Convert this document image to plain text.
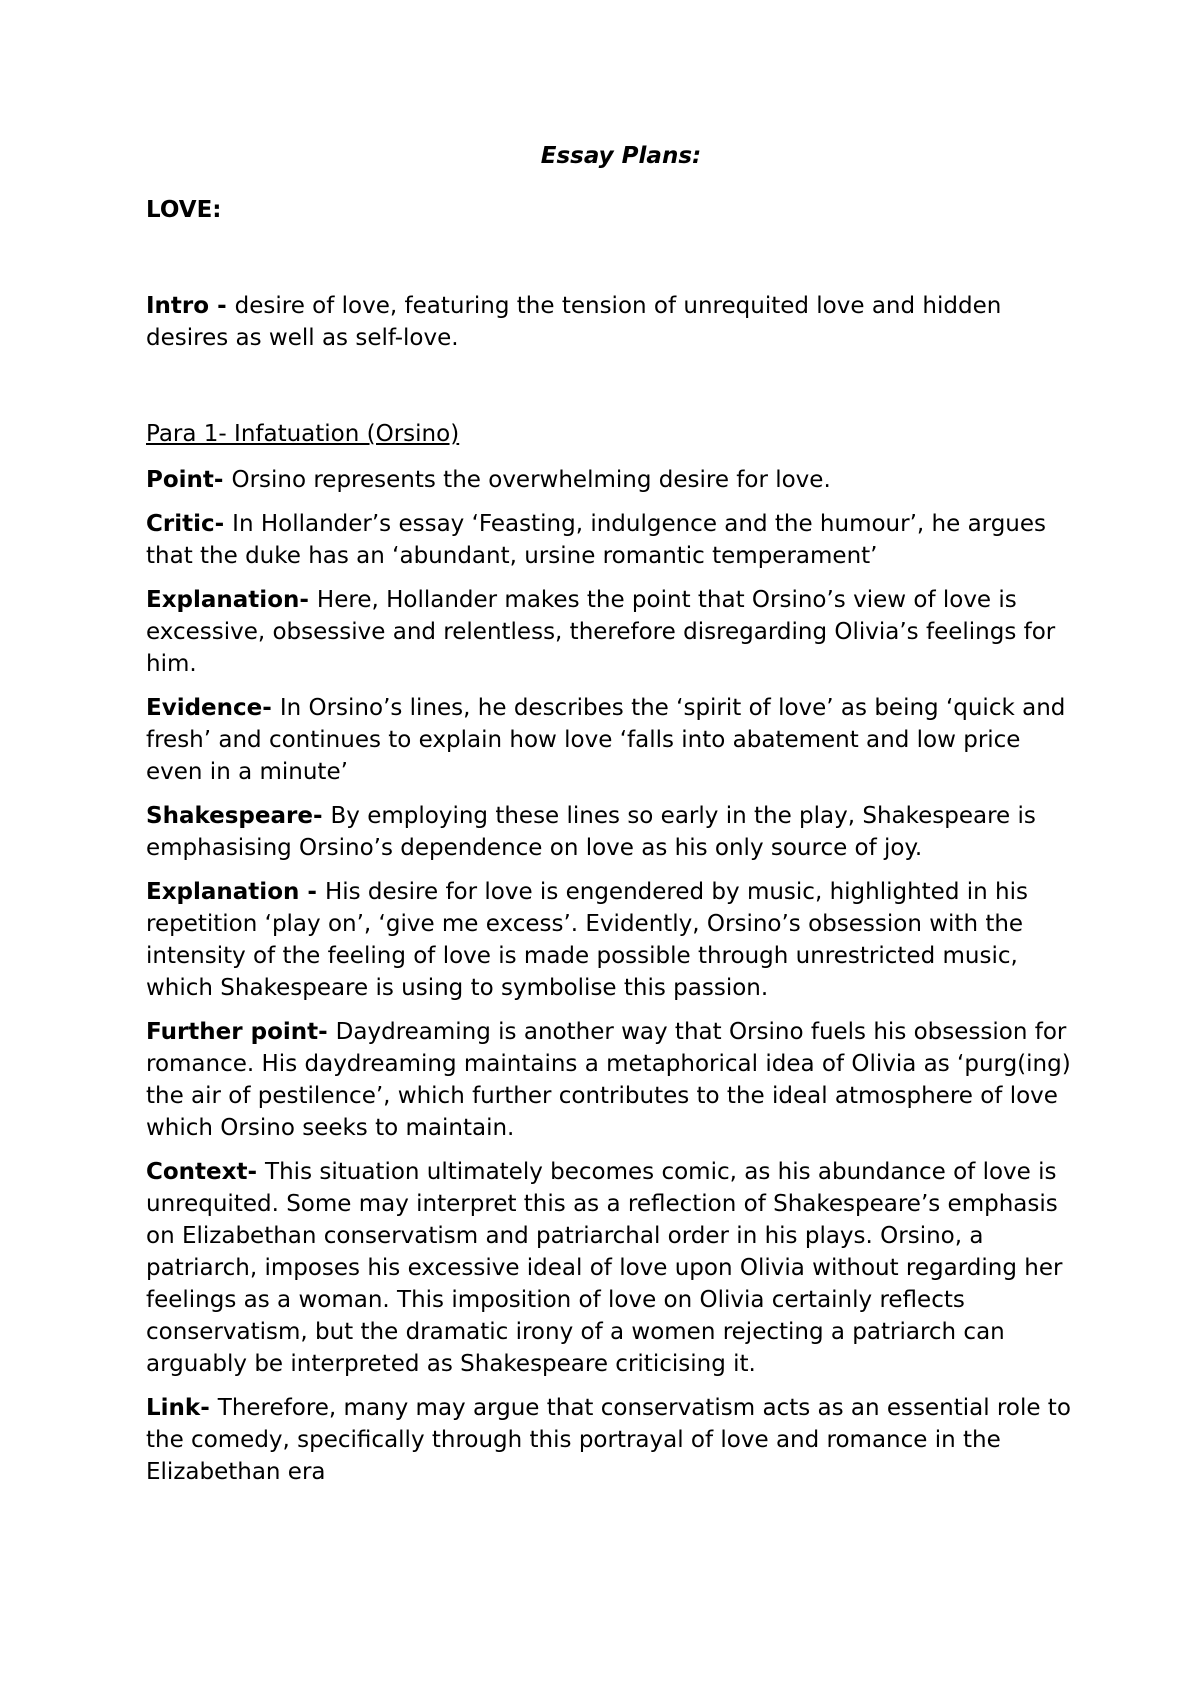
Essay Plans:

LOVE:

Intro - desire of love, featuring the tension of unrequited love and hidden desires as well as self-love.

Para 1- Infatuation (Orsino)

Point- Orsino represents the overwhelming desire for love.

Critic- In Hollander’s essay ‘Feasting, indulgence and the humour’, he argues that the duke has an ‘abundant, ursine romantic temperament’

Explanation- Here, Hollander makes the point that Orsino’s view of love is excessive, obsessive and relentless, therefore disregarding Olivia’s feelings for him.

Evidence- In Orsino’s lines, he describes the ‘spirit of love’ as being ‘quick and fresh’ and continues to explain how love ‘falls into abatement and low price even in a minute’

Shakespeare- By employing these lines so early in the play, Shakespeare is emphasising Orsino’s dependence on love as his only source of joy.

Explanation - His desire for love is engendered by music, highlighted in his repetition ‘play on’, ‘give me excess’. Evidently, Orsino’s obsession with the intensity of the feeling of love is made possible through unrestricted music, which Shakespeare is using to symbolise this passion.

Further point- Daydreaming is another way that Orsino fuels his obsession for romance. His daydreaming maintains a metaphorical idea of Olivia as ‘purg(ing) the air of pestilence’, which further contributes to the ideal atmosphere of love which Orsino seeks to maintain.

Context- This situation ultimately becomes comic, as his abundance of love is unrequited. Some may interpret this as a reflection of Shakespeare’s emphasis on Elizabethan conservatism and patriarchal order in his plays. Orsino, a patriarch, imposes his excessive ideal of love upon Olivia without regarding her feelings as a woman. This imposition of love on Olivia certainly reflects conservatism, but the dramatic irony of a women rejecting a patriarch can arguably be interpreted as Shakespeare criticising it.

Link- Therefore, many may argue that conservatism acts as an essential role to the comedy, specifically through this portrayal of love and romance in the Elizabethan era
